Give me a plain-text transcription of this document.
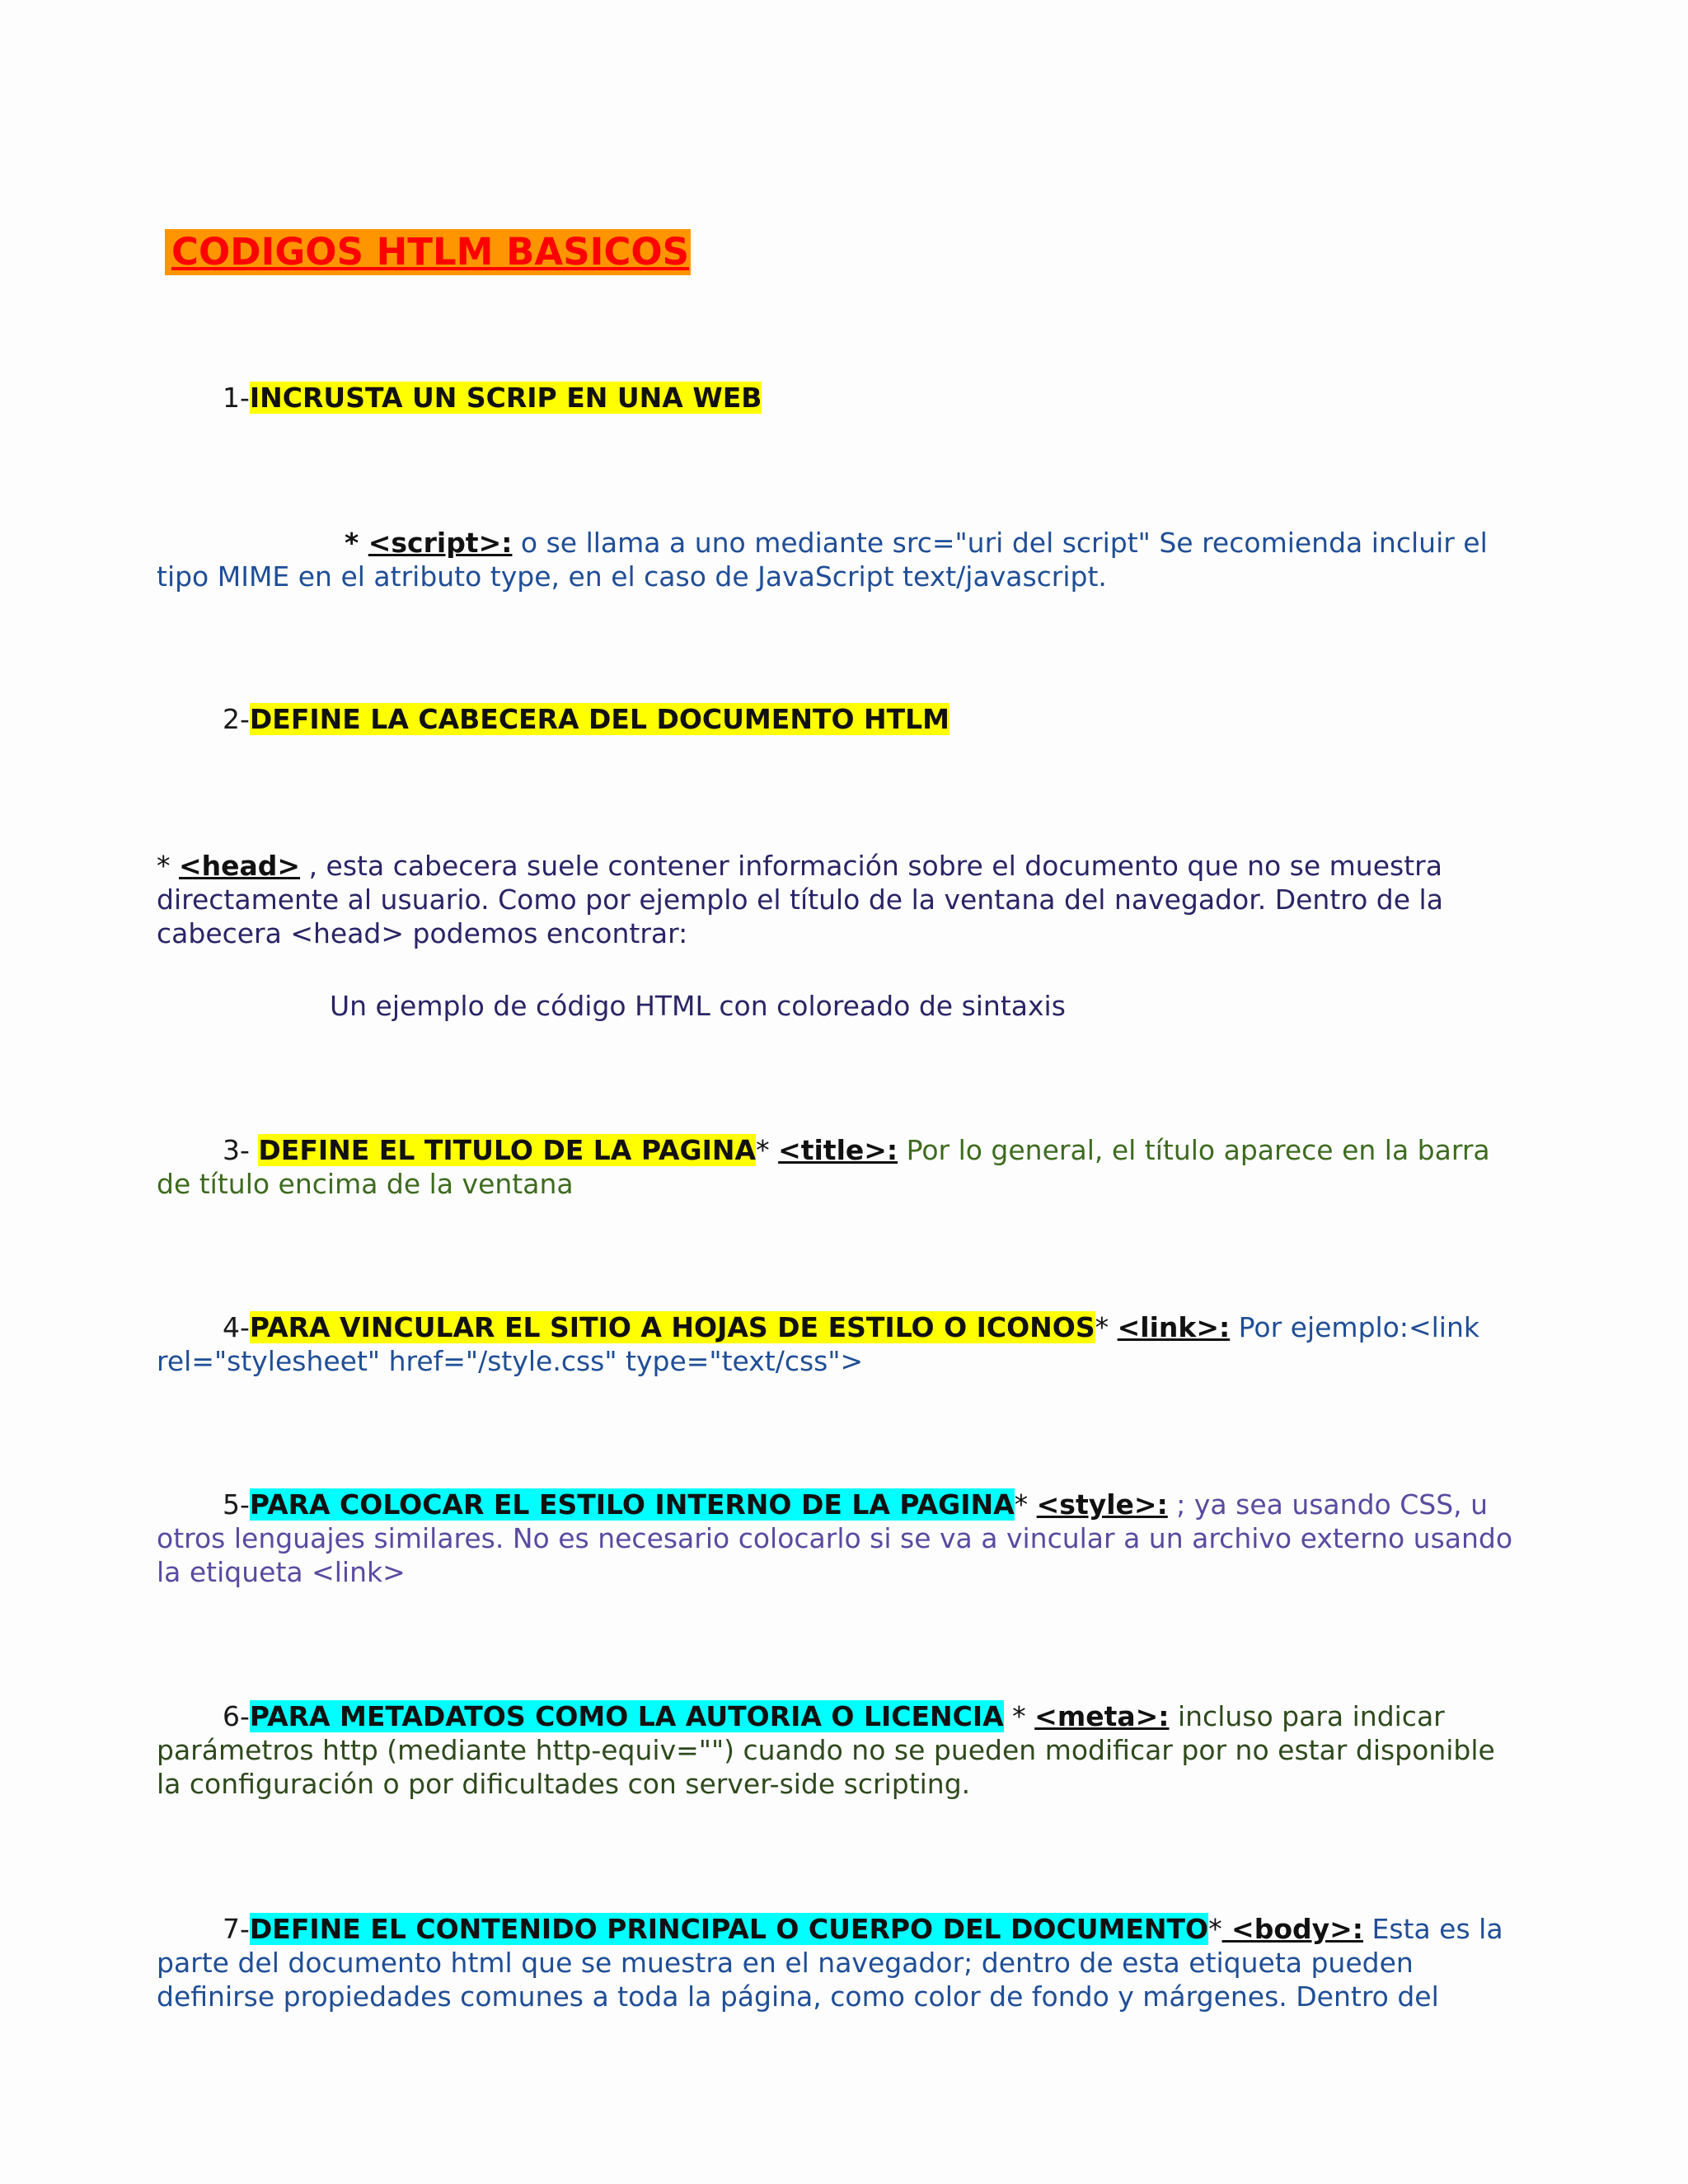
CODIGOS HTLM BASICOS
1-INCRUSTA UN SCRIP EN UNA WEB
* <script>: o se llama a uno mediante src="uri del script" Se recomienda incluir el tipo MIME en el atributo type, en el caso de JavaScript text/javascript.
2-DEFINE LA CABECERA DEL DOCUMENTO HTLM
* <head> , esta cabecera suele contener información sobre el documento que no se muestra directamente al usuario. Como por ejemplo el título de la ventana del navegador. Dentro de la cabecera <head> podemos encontrar:
Un ejemplo de código HTML con coloreado de sintaxis
3- DEFINE EL TITULO DE LA PAGINA* <title>: Por lo general, el título aparece en la barra de título encima de la ventana
4-PARA VINCULAR EL SITIO A HOJAS DE ESTILO O ICONOS* <link>: Por ejemplo:<link rel="stylesheet" href="/style.css" type="text/css">
5-PARA COLOCAR EL ESTILO INTERNO DE LA PAGINA* <style>: ; ya sea usando CSS, u otros lenguajes similares. No es necesario colocarlo si se va a vincular a un archivo externo usando la etiqueta <link>
6-PARA METADATOS COMO LA AUTORIA O LICENCIA * <meta>: incluso para indicar parámetros http (mediante http-equiv="") cuando no se pueden modificar por no estar disponible la configuración o por dificultades con server-side scripting.
7-DEFINE EL CONTENIDO PRINCIPAL O CUERPO DEL DOCUMENTO* <body>: Esta es la parte del documento html que se muestra en el navegador; dentro de esta etiqueta pueden definirse propiedades comunes a toda la página, como color de fondo y márgenes. Dentro del
